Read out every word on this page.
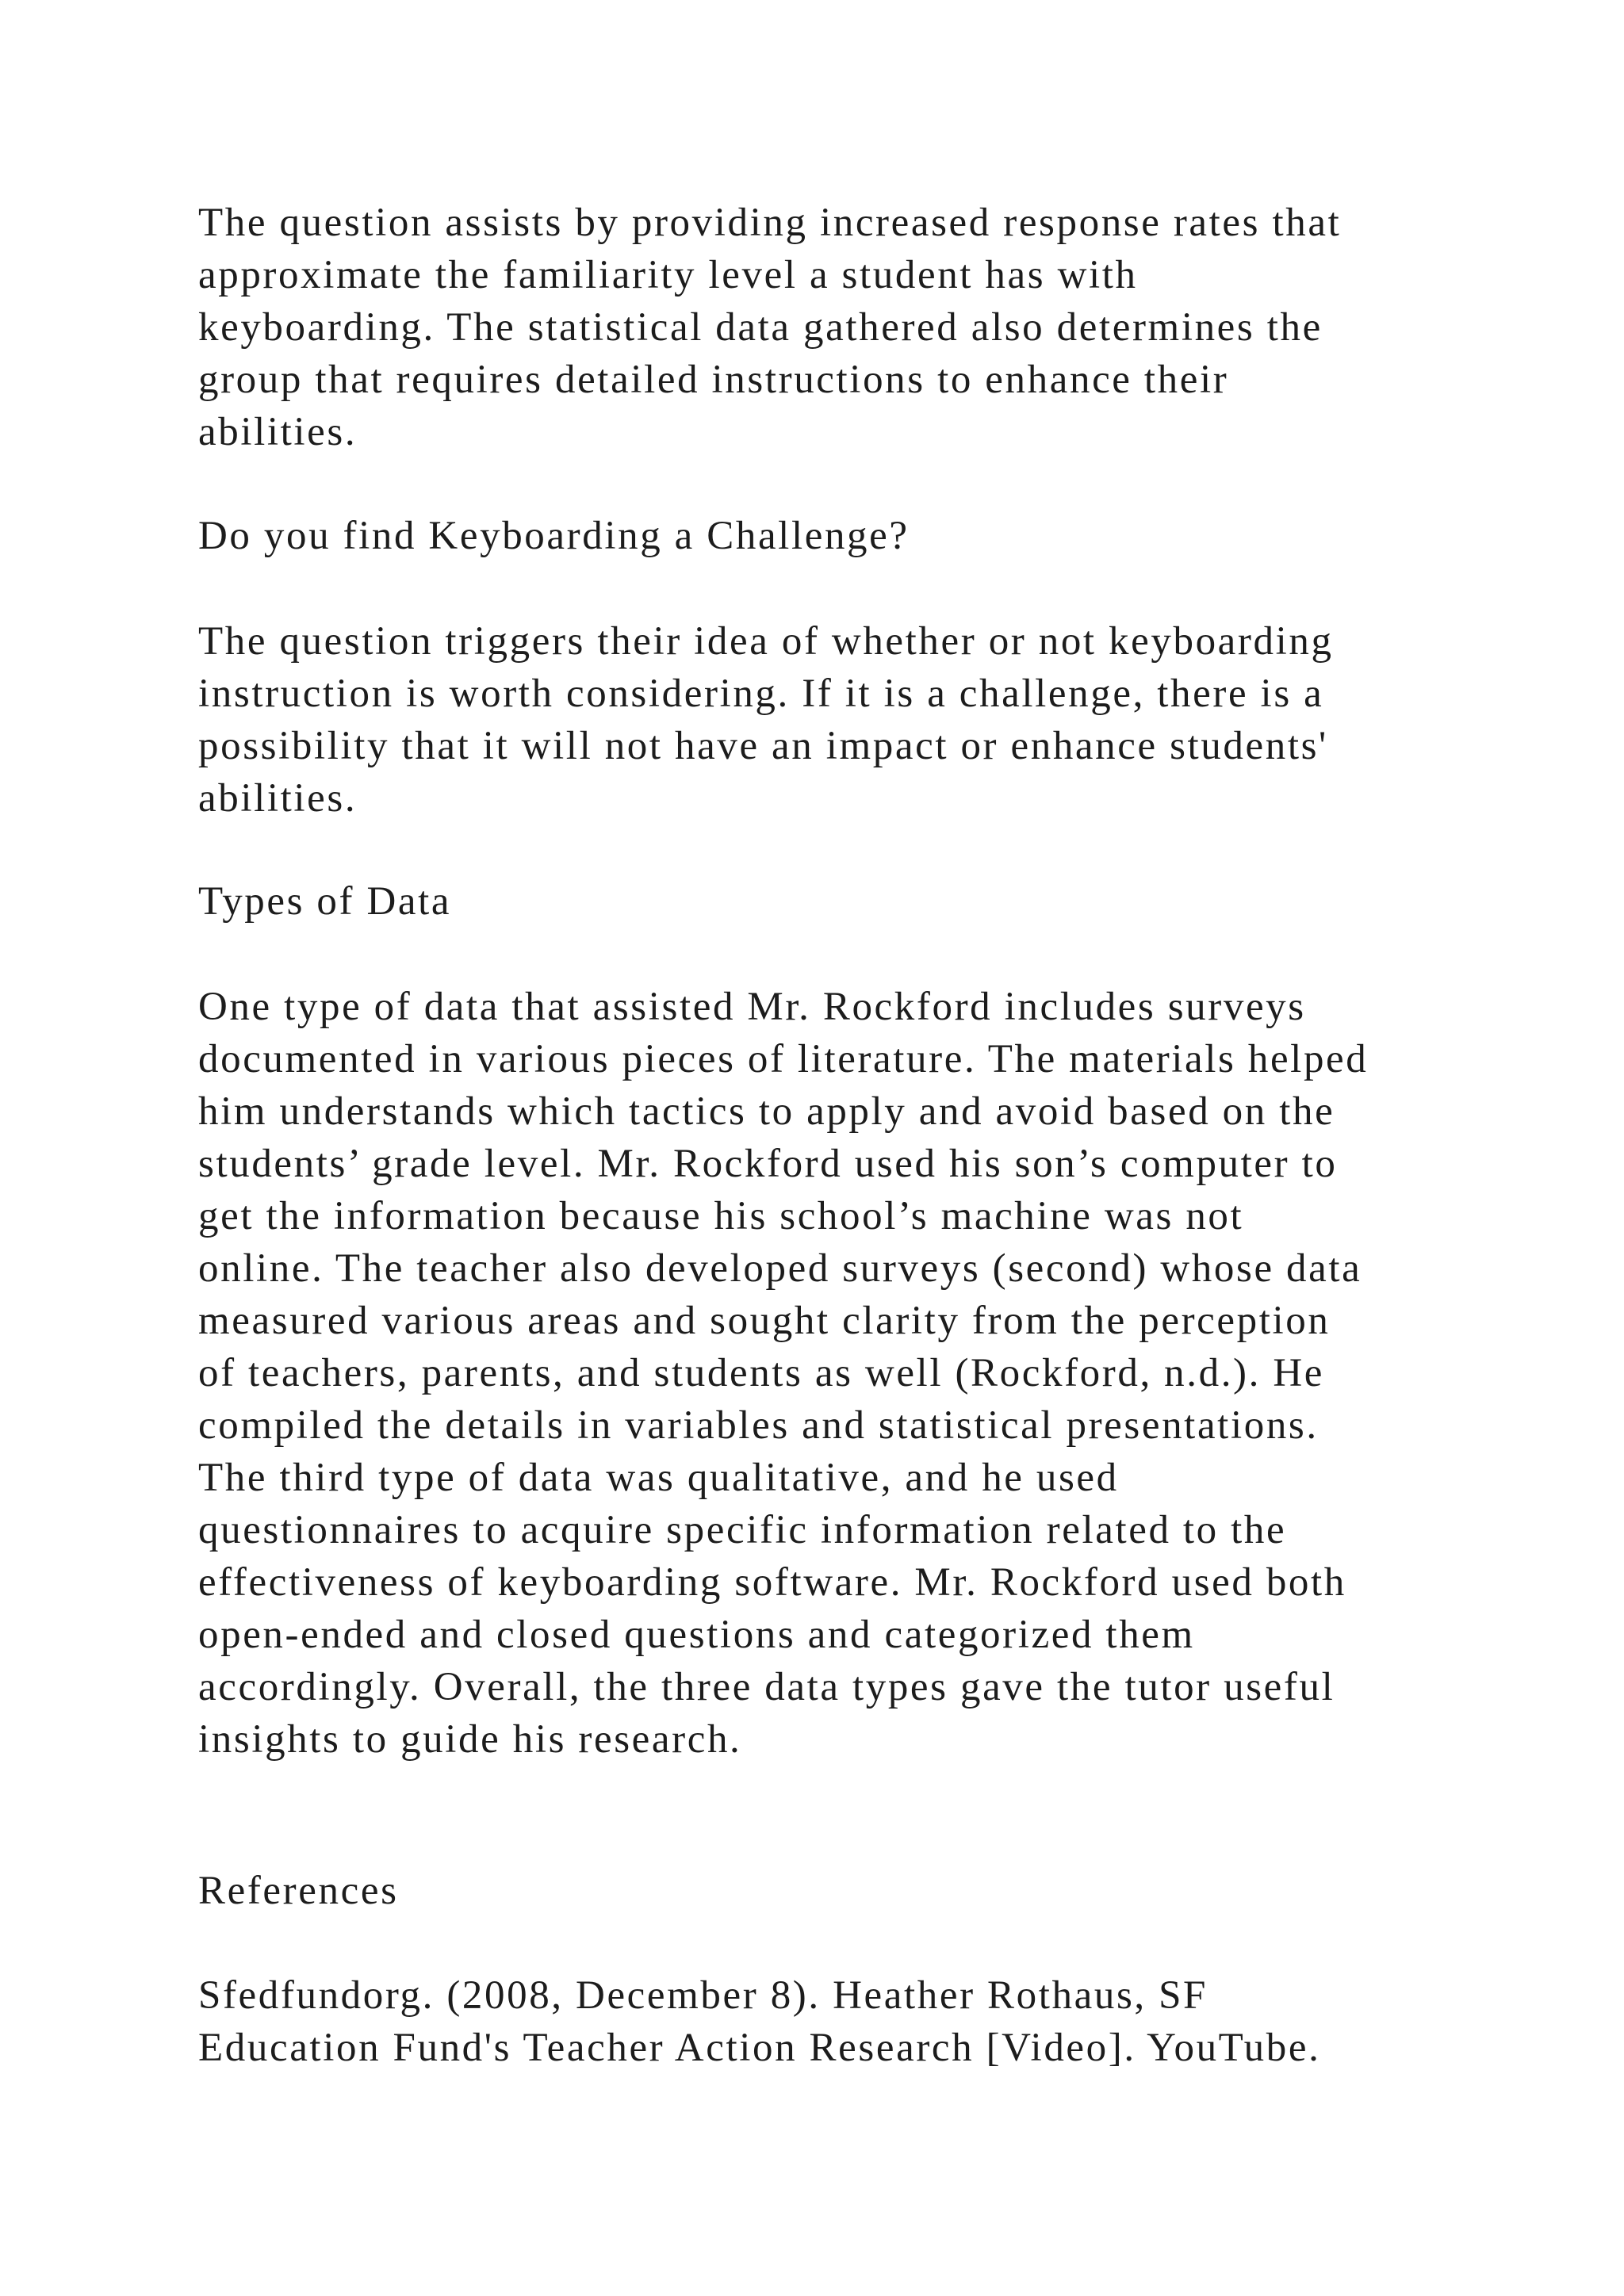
The question assists by providing increased response rates that
approximate the familiarity level a student has with
keyboarding. The statistical data gathered also determines the
group that requires detailed instructions to enhance their
abilities.

Do you find Keyboarding a Challenge?

The question triggers their idea of whether or not keyboarding
instruction is worth considering. If it is a challenge, there is a
possibility that it will not have an impact or enhance students'
abilities.

Types of Data

One type of data that assisted Mr. Rockford includes surveys
documented in various pieces of literature. The materials helped
him understands which tactics to apply and avoid based on the
students’ grade level. Mr. Rockford used his son’s computer to
get the information because his school’s machine was not
online. The teacher also developed surveys (second) whose data
measured various areas and sought clarity from the perception
of teachers, parents, and students as well (Rockford, n.d.). He
compiled the details in variables and statistical presentations.
The third type of data was qualitative, and he used
questionnaires to acquire specific information related to the
effectiveness of keyboarding software. Mr. Rockford used both
open-ended and closed questions and categorized them
accordingly. Overall, the three data types gave the tutor useful
insights to guide his research.

References

Sfedfundorg. (2008, December 8). Heather Rothaus, SF
Education Fund's Teacher Action Research [Video]. YouTube.
